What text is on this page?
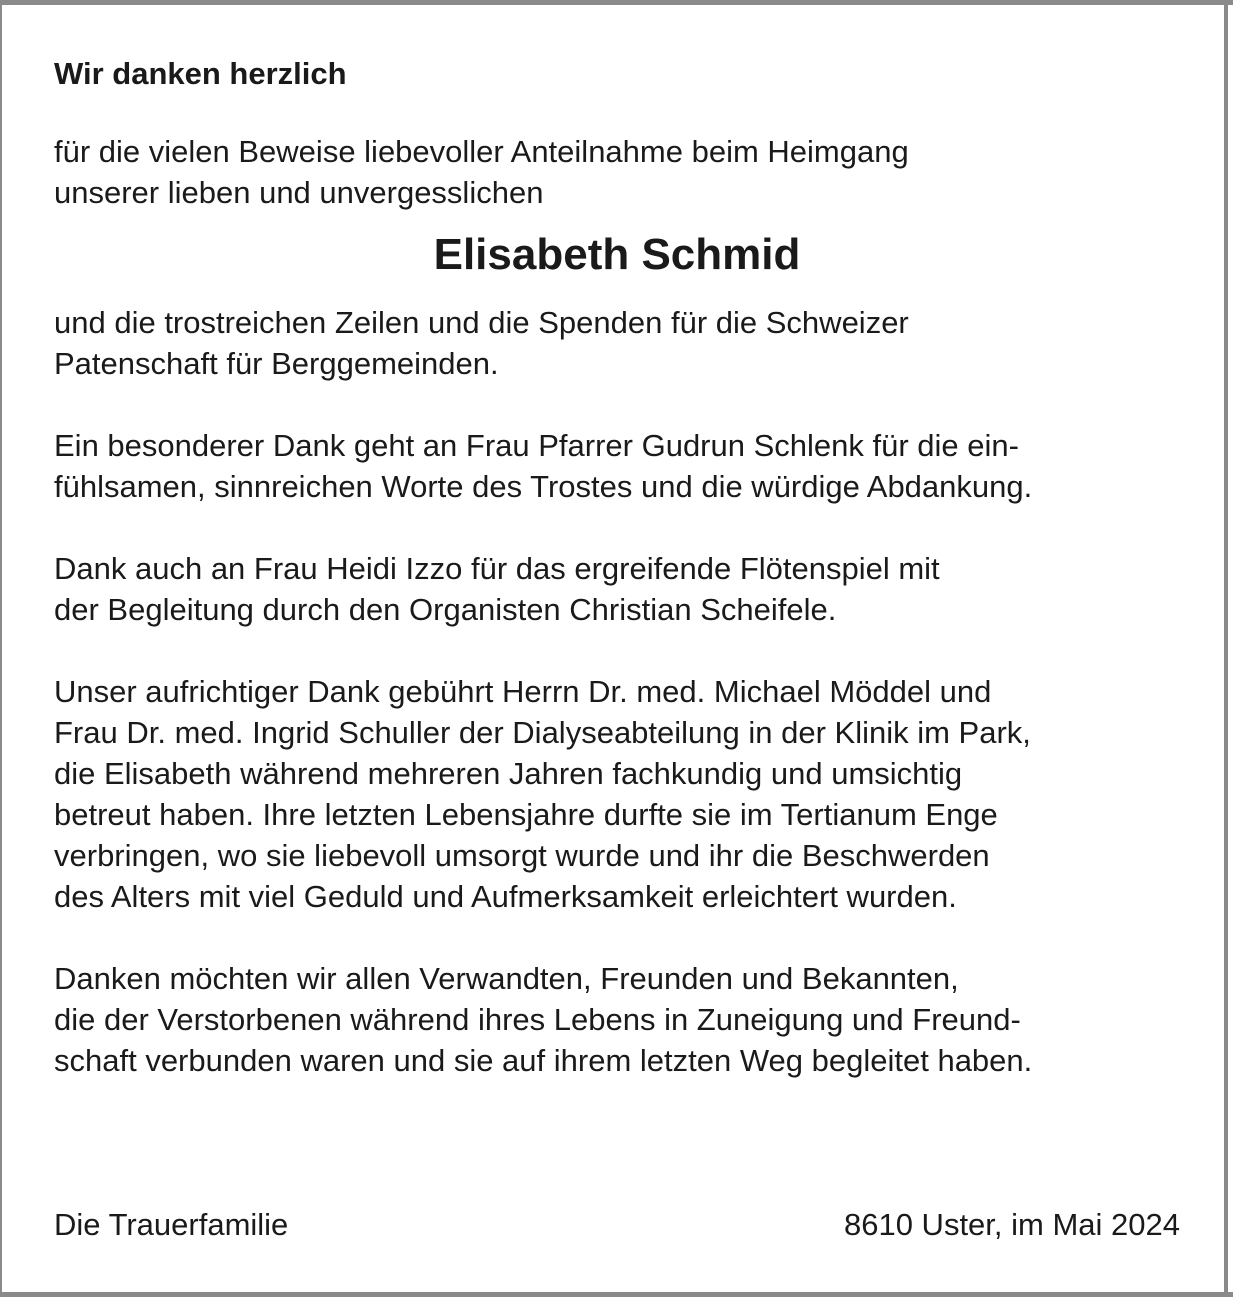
Wir danken herzlich

für die vielen Beweise liebevoller Anteilnahme beim Heimgang
unserer lieben und unvergesslichen

Elisabeth Schmid

und die trostreichen Zeilen und die Spenden für die Schweizer
Patenschaft für Berggemeinden.

Ein besonderer Dank geht an Frau Pfarrer Gudrun Schlenk für die ein-
fühlsamen, sinnreichen Worte des Trostes und die würdige Abdankung.

Dank auch an Frau Heidi Izzo für das ergreifende Flötenspiel mit
der Begleitung durch den Organisten Christian Scheifele.

Unser aufrichtiger Dank gebührt Herrn Dr. med. Michael Möddel und
Frau Dr. med. Ingrid Schuller der Dialyseabteilung in der Klinik im Park,
die Elisabeth während mehreren Jahren fachkundig und umsichtig
betreut haben. Ihre letzten Lebensjahre durfte sie im Tertianum Enge
verbringen, wo sie liebevoll umsorgt wurde und ihr die Beschwerden
des Alters mit viel Geduld und Aufmerksamkeit erleichtert wurden.

Danken möchten wir allen Verwandten, Freunden und Bekannten,
die der Verstorbenen während ihres Lebens in Zuneigung und Freund-
schaft verbunden waren und sie auf ihrem letzten Weg begleitet haben.

Die Trauerfamilie	8610 Uster, im Mai 2024
